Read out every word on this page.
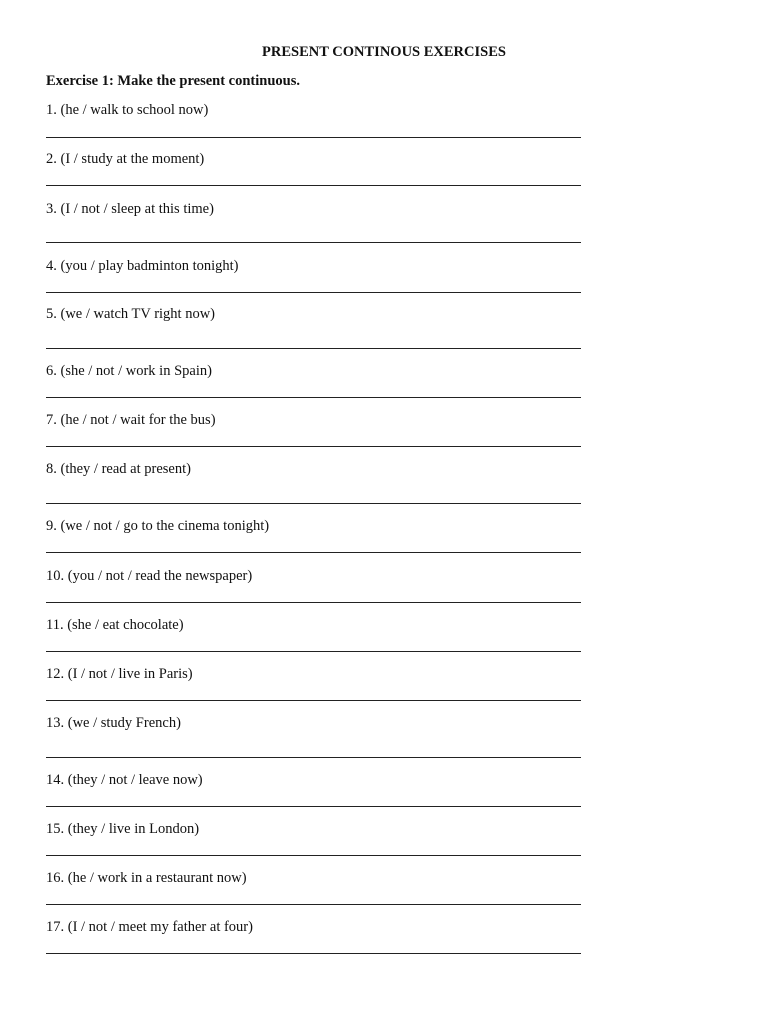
PRESENT CONTINOUS EXERCISES
Exercise 1: Make the present continuous.
1. (he / walk to school now)
2. (I / study at the moment)
3. (I / not / sleep at this time)
4. (you / play badminton tonight)
5. (we / watch TV right now)
6. (she / not / work in Spain)
7. (he / not / wait for the bus)
8. (they / read at present)
9. (we / not / go to the cinema tonight)
10. (you / not / read the newspaper)
11. (she / eat chocolate)
12. (I / not / live in Paris)
13. (we / study French)
14. (they / not / leave now)
15. (they / live in London)
16. (he / work in a restaurant now)
17. (I / not / meet my father at four)
